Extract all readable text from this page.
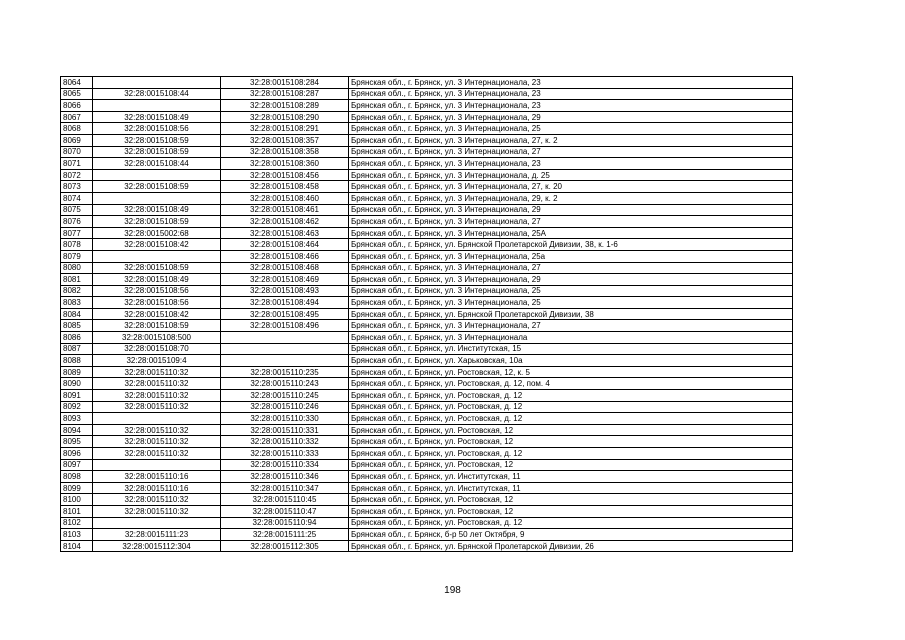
8064		32:28:0015108:284	Брянская обл., г. Брянск, ул. 3 Интернационала, 23
8065	32:28:0015108:44	32:28:0015108:287	Брянская обл., г. Брянск, ул. 3 Интернационала, 23
8066		32:28:0015108:289	Брянская обл., г. Брянск, ул. 3 Интернационала, 23
8067	32:28:0015108:49	32:28:0015108:290	Брянская обл., г. Брянск, ул. 3 Интернационала, 29
8068	32:28:0015108:56	32:28:0015108:291	Брянская обл., г. Брянск, ул. 3 Интернационала, 25
8069	32:28:0015108:59	32:28:0015108:357	Брянская обл., г. Брянск, ул. 3 Интернационала, 27, к. 2
8070	32:28:0015108:59	32:28:0015108:358	Брянская обл., г. Брянск, ул. 3 Интернационала, 27
8071	32:28:0015108:44	32:28:0015108:360	Брянская обл., г. Брянск, ул. 3 Интернационала, 23
8072		32:28:0015108:456	Брянская обл., г. Брянск, ул. 3 Интернационала, д. 25
8073	32:28:0015108:59	32:28:0015108:458	Брянская обл., г. Брянск, ул. 3 Интернационала, 27, к. 20
8074		32:28:0015108:460	Брянская обл., г. Брянск, ул. 3 Интернационала, 29, к. 2
8075	32:28:0015108:49	32:28:0015108:461	Брянская обл., г. Брянск, ул. 3 Интернационала, 29
8076	32:28:0015108:59	32:28:0015108:462	Брянская обл., г. Брянск, ул. 3 Интернационала, 27
8077	32:28:0015002:68	32:28:0015108:463	Брянская обл., г. Брянск, ул. 3 Интернационала, 25А
8078	32:28:0015108:42	32:28:0015108:464	Брянская обл., г. Брянск, ул. Брянской Пролетарской Дивизии, 38, к. 1-6
8079		32:28:0015108:466	Брянская обл., г. Брянск, ул. 3 Интернационала, 25а
8080	32:28:0015108:59	32:28:0015108:468	Брянская обл., г. Брянск, ул. 3 Интернационала, 27
8081	32:28:0015108:49	32:28:0015108:469	Брянская обл., г. Брянск, ул. 3 Интернационала, 29
8082	32:28:0015108:56	32:28:0015108:493	Брянская обл., г. Брянск, ул. 3 Интернационала, 25
8083	32:28:0015108:56	32:28:0015108:494	Брянская обл., г. Брянск, ул. 3 Интернационала, 25
8084	32:28:0015108:42	32:28:0015108:495	Брянская обл., г. Брянск, ул. Брянской Пролетарской Дивизии, 38
8085	32:28:0015108:59	32:28:0015108:496	Брянская обл., г. Брянск, ул. 3 Интернационала, 27
8086	32:28:0015108:500		Брянская обл., г. Брянск, ул. 3 Интернационала
8087	32:28:0015108:70		Брянская обл., г. Брянск, ул. Институтская, 15
8088	32:28:0015109:4		Брянская обл., г. Брянск, ул. Харьковская, 10а
8089	32:28:0015110:32	32:28:0015110:235	Брянская обл., г. Брянск, ул. Ростовская, 12, к. 5
8090	32:28:0015110:32	32:28:0015110:243	Брянская обл., г. Брянск, ул. Ростовская, д. 12, пом. 4
8091	32:28:0015110:32	32:28:0015110:245	Брянская обл., г. Брянск, ул. Ростовская, д. 12
8092	32:28:0015110:32	32:28:0015110:246	Брянская обл., г. Брянск, ул. Ростовская, д. 12
8093		32:28:0015110:330	Брянская обл., г. Брянск, ул. Ростовская, д. 12
8094	32:28:0015110:32	32:28:0015110:331	Брянская обл., г. Брянск, ул. Ростовская, 12
8095	32:28:0015110:32	32:28:0015110:332	Брянская обл., г. Брянск, ул. Ростовская, 12
8096	32:28:0015110:32	32:28:0015110:333	Брянская обл., г. Брянск, ул. Ростовская, д. 12
8097		32:28:0015110:334	Брянская обл., г. Брянск, ул. Ростовская, 12
8098	32:28:0015110:16	32:28:0015110:346	Брянская обл., г. Брянск, ул. Институтская, 11
8099	32:28:0015110:16	32:28:0015110:347	Брянская обл., г. Брянск, ул. Институтская, 11
8100	32:28:0015110:32	32:28:0015110:45	Брянская обл., г. Брянск, ул. Ростовская, 12
8101	32:28:0015110:32	32:28:0015110:47	Брянская обл., г. Брянск, ул. Ростовская, 12
8102		32:28:0015110:94	Брянская обл., г. Брянск, ул. Ростовская, д. 12
8103	32:28:0015111:23	32:28:0015111:25	Брянская обл., г. Брянск, б-р 50 лет Октября, 9
8104	32:28:0015112:304	32:28:0015112:305	Брянская обл., г. Брянск, ул. Брянской Пролетарской Дивизии, 26
198
